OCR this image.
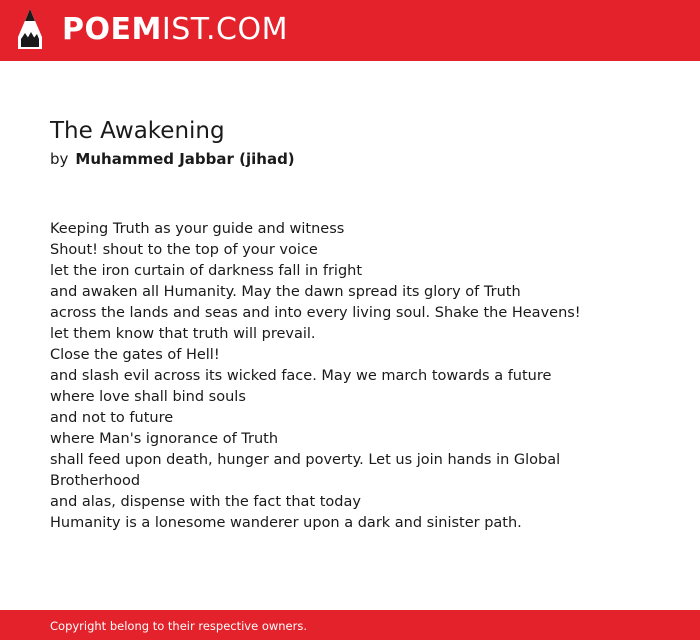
POEMIST.COM
The Awakening
by Muhammed Jabbar (jihad)
Keeping Truth as your guide and witness
Shout! shout to the top of your voice
let the iron curtain of darkness fall in fright
and awaken all Humanity. May the dawn spread its glory of Truth
across the lands and seas and into every living soul. Shake the Heavens!
let them know that truth will prevail.
Close the gates of Hell!
and slash evil across its wicked face. May we march towards a future
where love shall bind souls
and not to future
where Man's ignorance of Truth
shall feed upon death, hunger and poverty. Let us join hands in Global
Brotherhood
and alas, dispense with the fact that today
Humanity is a lonesome wanderer upon a dark and sinister path.
Copyright belong to their respective owners.
